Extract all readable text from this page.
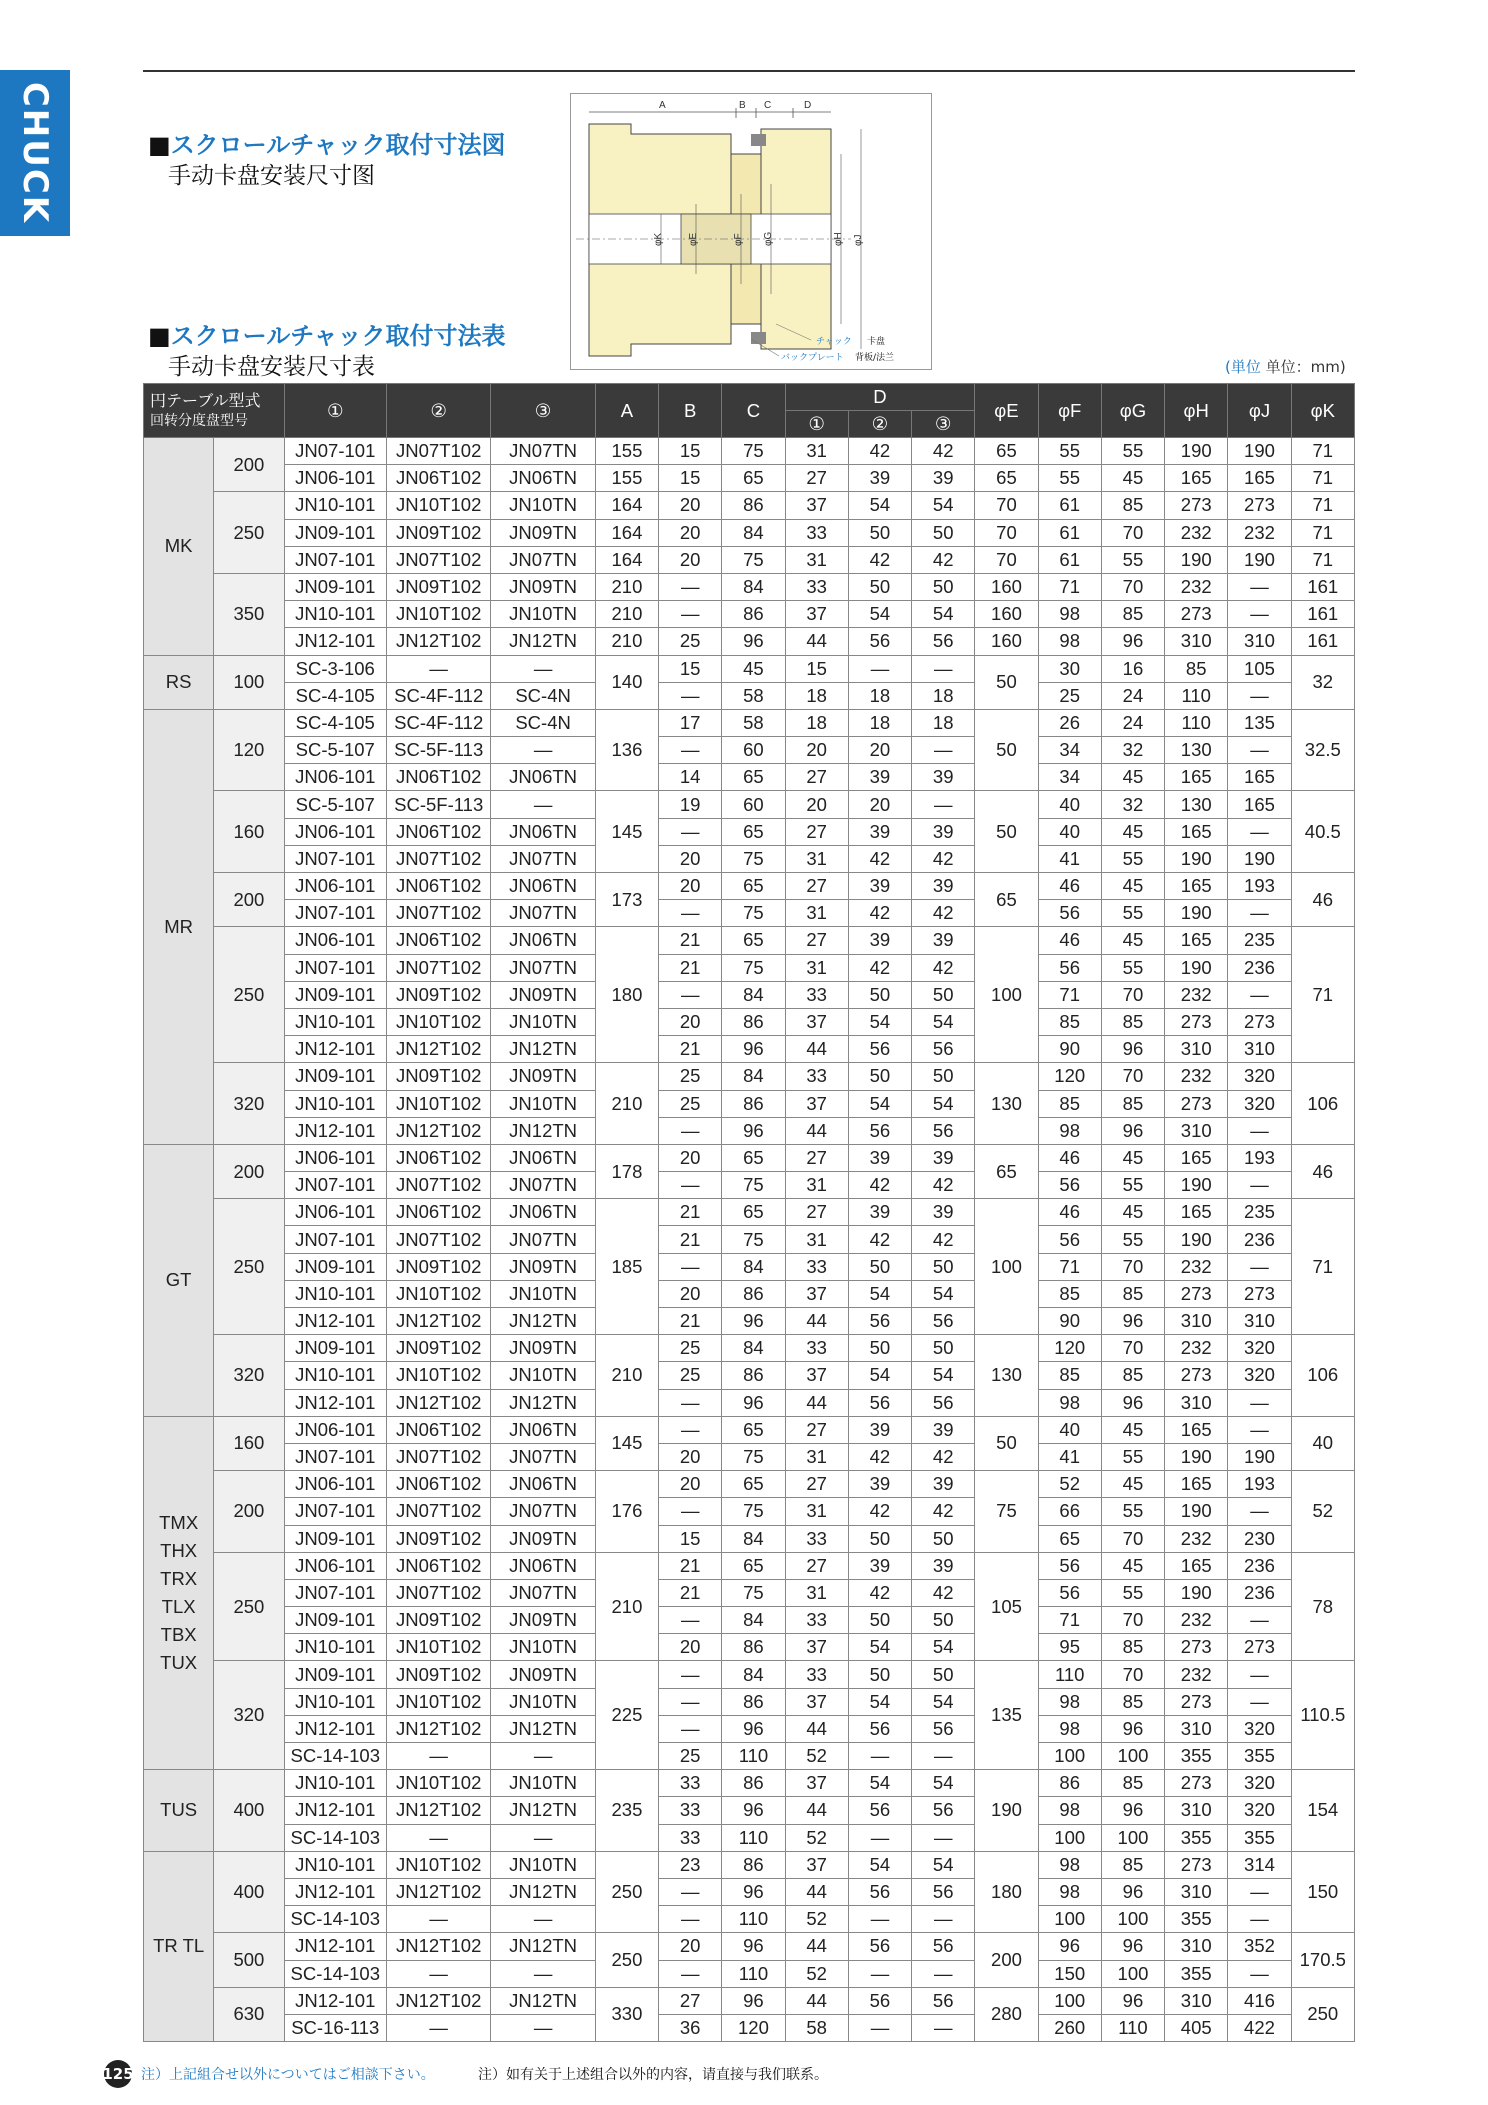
CHUCK	■スクロールチャック取付寸法図
手动卡盘安装尺寸图
A	B C	D
φK φE	φF φG	φH φJ
チャック 卡盘
バックプレート 背板/法兰
■スクロールチャック取付寸法表
手动卡盘安装尺寸表	(単位 单位：mm)
円テーブル型式
回转分度盘型号		①	②	③	A	B	C	D			φE	φF	φG	φH	φJ	φK
								①	②	③						
MK	200	JN07-101	JN07T102	JN07TN	155	15	75	31	42	42	65	55	55	190	190	71
		JN06-101	JN06T102	JN06TN	155	15	65	27	39	39	65	55	45	165	165	71
	250	JN10-101	JN10T102	JN10TN	164	20	86	37	54	54	70	61	85	273	273	71
		JN09-101	JN09T102	JN09TN	164	20	84	33	50	50	70	61	70	232	232	71
		JN07-101	JN07T102	JN07TN	164	20	75	31	42	42	70	61	55	190	190	71
	350	JN09-101	JN09T102	JN09TN	210	—	84	33	50	50	160	71	70	232	—	161
		JN10-101	JN10T102	JN10TN	210	—	86	37	54	54	160	98	85	273	—	161
		JN12-101	JN12T102	JN12TN	210	25	96	44	56	56	160	98	96	310	310	161
RS	100	SC-3-106	—	—	140	15	45	15	—	—	50	30	16	85	105	32
		SC-4-105	SC-4F-112	SC-4N		—	58	18	18	18		25	24	110	—	
MR	120	SC-4-105	SC-4F-112	SC-4N	136	17	58	18	18	18	50	26	24	110	135	32.5
		SC-5-107	SC-5F-113	—		—	60	20	20	—		34	32	130	—	
		JN06-101	JN06T102	JN06TN		14	65	27	39	39		34	45	165	165	
	160	SC-5-107	SC-5F-113	—	145	19	60	20	20	—	50	40	32	130	165	40.5
		JN06-101	JN06T102	JN06TN		—	65	27	39	39		40	45	165	—	
		JN07-101	JN07T102	JN07TN		20	75	31	42	42		41	55	190	190	
	200	JN06-101	JN06T102	JN06TN	173	20	65	27	39	39	65	46	45	165	193	46
		JN07-101	JN07T102	JN07TN		—	75	31	42	42		56	55	190	—	
	250	JN06-101	JN06T102	JN06TN	180	21	65	27	39	39	100	46	45	165	235	71
		JN07-101	JN07T102	JN07TN		21	75	31	42	42		56	55	190	236	
		JN09-101	JN09T102	JN09TN		—	84	33	50	50		71	70	232	—	
		JN10-101	JN10T102	JN10TN		20	86	37	54	54		85	85	273	273	
		JN12-101	JN12T102	JN12TN		21	96	44	56	56		90	96	310	310	
	320	JN09-101	JN09T102	JN09TN	210	25	84	33	50	50	130	120	70	232	320	106
		JN10-101	JN10T102	JN10TN		25	86	37	54	54		85	85	273	320	
		JN12-101	JN12T102	JN12TN		—	96	44	56	56		98	96	310	—	
GT	200	JN06-101	JN06T102	JN06TN	178	20	65	27	39	39	65	46	45	165	193	46
		JN07-101	JN07T102	JN07TN		—	75	31	42	42		56	55	190	—	
	250	JN06-101	JN06T102	JN06TN	185	21	65	27	39	39	100	46	45	165	235	71
		JN07-101	JN07T102	JN07TN		21	75	31	42	42		56	55	190	236	
		JN09-101	JN09T102	JN09TN		—	84	33	50	50		71	70	232	—	
		JN10-101	JN10T102	JN10TN		20	86	37	54	54		85	85	273	273	
		JN12-101	JN12T102	JN12TN		21	96	44	56	56		90	96	310	310	
	320	JN09-101	JN09T102	JN09TN	210	25	84	33	50	50	130	120	70	232	320	106
		JN10-101	JN10T102	JN10TN		25	86	37	54	54		85	85	273	320	
		JN12-101	JN12T102	JN12TN		—	96	44	56	56		98	96	310	—	
TMX THX TRX TLX TBX TUX	160	JN06-101	JN06T102	JN06TN	145	—	65	27	39	39	50	40	45	165	—	40
		JN07-101	JN07T102	JN07TN		20	75	31	42	42		41	55	190	190	
	200	JN06-101	JN06T102	JN06TN	176	20	65	27	39	39	75	52	45	165	193	52
		JN07-101	JN07T102	JN07TN		—	75	31	42	42		66	55	190	—	
		JN09-101	JN09T102	JN09TN		15	84	33	50	50		65	70	232	230	
	250	JN06-101	JN06T102	JN06TN	210	21	65	27	39	39	105	56	45	165	236	78
		JN07-101	JN07T102	JN07TN		21	75	31	42	42		56	55	190	236	
		JN09-101	JN09T102	JN09TN		—	84	33	50	50		71	70	232	—	
		JN10-101	JN10T102	JN10TN		20	86	37	54	54		95	85	273	273	
	320	JN09-101	JN09T102	JN09TN	225	—	84	33	50	50	135	110	70	232	—	110.5
		JN10-101	JN10T102	JN10TN		—	86	37	54	54		98	85	273	—	
		JN12-101	JN12T102	JN12TN		—	96	44	56	56		98	96	310	320	
		SC-14-103	—	—		25	110	52	—	—		100	100	355	355	
TUS	400	JN10-101	JN10T102	JN10TN	235	33	86	37	54	54	190	86	85	273	320	154
		JN12-101	JN12T102	JN12TN		33	96	44	56	56		98	96	310	320	
		SC-14-103	—	—		33	110	52	—	—		100	100	355	355	
TR TL	400	JN10-101	JN10T102	JN10TN	250	23	86	37	54	54	180	98	85	273	314	150
		JN12-101	JN12T102	JN12TN		—	96	44	56	56		98	96	310	—	
		SC-14-103	—	—		—	110	52	—	—		100	100	355	—	
	500	JN12-101	JN12T102	JN12TN	250	20	96	44	56	56	200	96	96	310	352	170.5
		SC-14-103	—	—		—	110	52	—	—		150	100	355	—	
	630	JN12-101	JN12T102	JN12TN	330	27	96	44	56	56	280	100	96	310	416	250
		SC-16-113	—	—		36	120	58	—	—		260	110	405	422	
125 注）上記組合せ以外についてはご相談下さい。	注）如有关于上述组合以外的内容，请直接与我们联系。
